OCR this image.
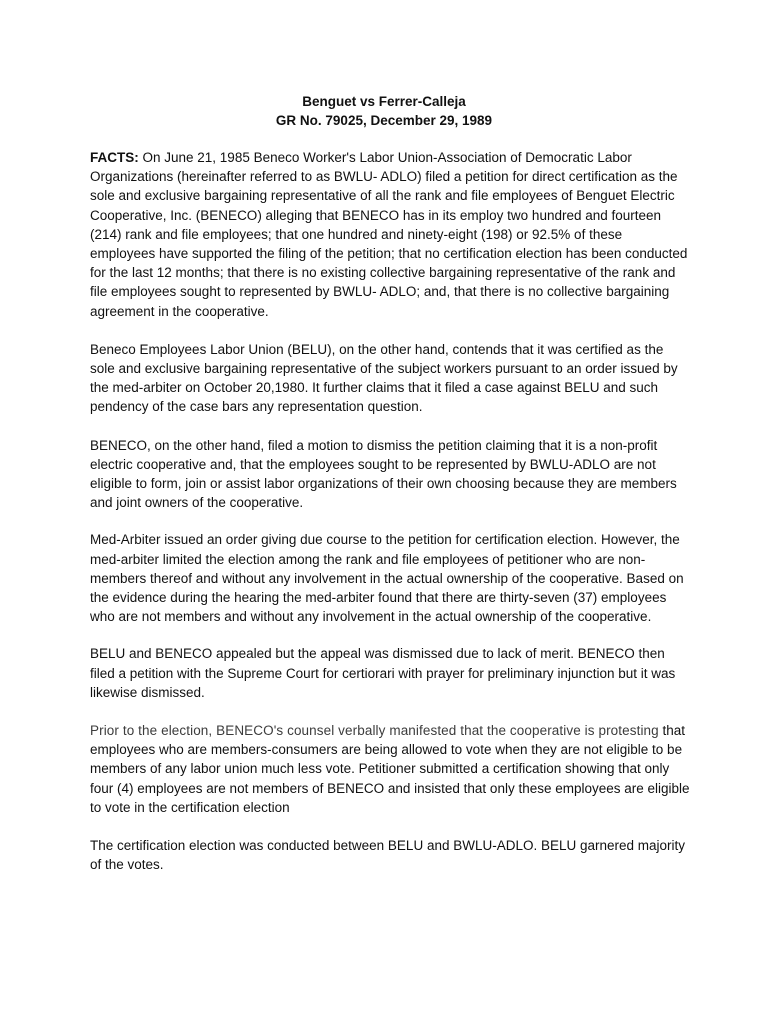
Benguet vs Ferrer-Calleja
GR No. 79025, December 29, 1989

FACTS: On June 21, 1985 Beneco Worker's Labor Union-Association of Democratic Labor Organizations (hereinafter referred to as BWLU- ADLO) filed a petition for direct certification as the sole and exclusive bargaining representative of all the rank and file employees of Benguet Electric Cooperative, Inc. (BENECO) alleging that BENECO has in its employ two hundred and fourteen (214) rank and file employees; that one hundred and ninety-eight (198) or 92.5% of these employees have supported the filing of the petition; that no certification election has been conducted for the last 12 months; that there is no existing collective bargaining representative of the rank and file employees sought to represented by BWLU- ADLO; and, that there is no collective bargaining agreement in the cooperative.

Beneco Employees Labor Union (BELU), on the other hand, contends that it was certified as the sole and exclusive bargaining representative of the subject workers pursuant to an order issued by the med-arbiter on October 20,1980. It further claims that it filed a case against BELU and such pendency of the case bars any representation question.

BENECO, on the other hand, filed a motion to dismiss the petition claiming that it is a non-profit electric cooperative and, that the employees sought to be represented by BWLU-ADLO are not eligible to form, join or assist labor organizations of their own choosing because they are members and joint owners of the cooperative.

Med-Arbiter issued an order giving due course to the petition for certification election. However, the med-arbiter limited the election among the rank and file employees of petitioner who are non-members thereof and without any involvement in the actual ownership of the cooperative. Based on the evidence during the hearing the med-arbiter found that there are thirty-seven (37) employees who are not members and without any involvement in the actual ownership of the cooperative.

BELU and BENECO appealed but the appeal was dismissed due to lack of merit. BENECO then filed a petition with the Supreme Court for certiorari with prayer for preliminary injunction but it was likewise dismissed.

Prior to the election, BENECO's counsel verbally manifested that the cooperative is protesting that employees who are members-consumers are being allowed to vote when they are not eligible to be members of any labor union much less vote. Petitioner submitted a certification showing that only four (4) employees are not members of BENECO and insisted that only these employees are eligible to vote in the certification election

The certification election was conducted between BELU and BWLU-ADLO. BELU garnered majority of the votes.
